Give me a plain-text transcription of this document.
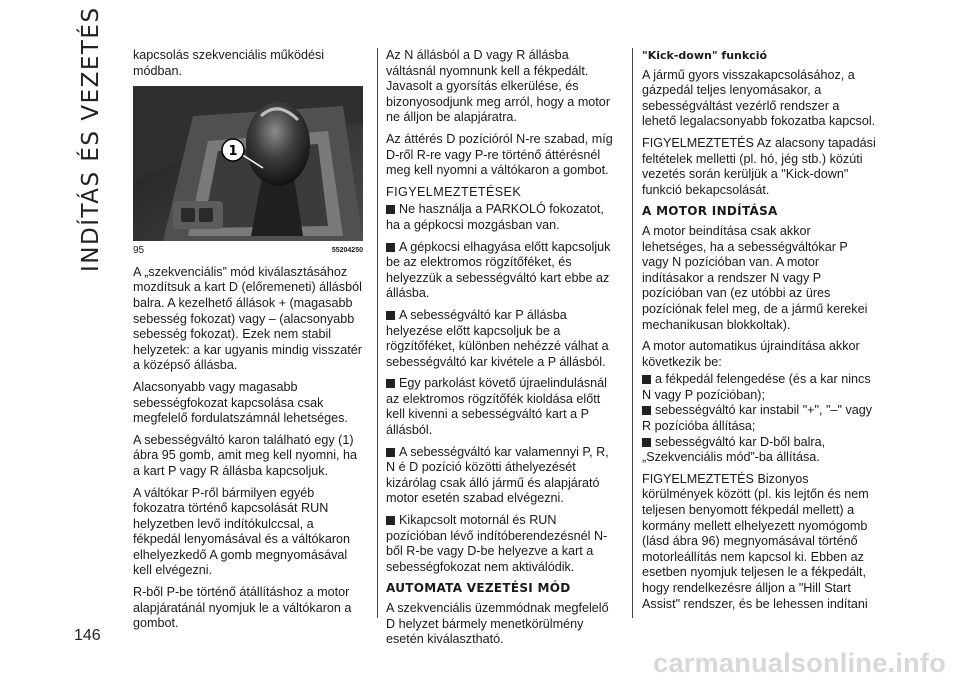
INDÍTÁS ÉS VEZETÉS
146

kapcsolás szekvenciális működési módban.

1
95	55204250

A „szekvenciális” mód kiválasztásához mozdítsuk a kart D (előremeneti) állásból balra. A kezelhető állások + (magasabb sebesség fokozat) vagy – (alacsonyabb sebesség fokozat). Ezek nem stabil helyzetek: a kar ugyanis mindig visszatér a középső állásba.

Alacsonyabb vagy magasabb sebességfokozat kapcsolása csak megfelelő fordulatszámnál lehetséges.

A sebességváltó karon található egy (1) ábra 95 gomb, amit meg kell nyomni, ha a kart P vagy R állásba kapcsoljuk.

A váltókar P-ről bármilyen egyéb fokozatra történő kapcsolását RUN helyzetben levő indítókulccsal, a fékpedál lenyomásával és a váltókaron elhelyezkedő A gomb megnyomásával kell elvégezni.

R-ből P-be történő átállításhoz a motor alapjáratánál nyomjuk le a váltókaron a gombot.

Az N állásból a D vagy R állásba váltásnál nyomnunk kell a fékpedált. Javasolt a gyorsítás elkerülése, és bizonyosodjunk meg arról, hogy a motor ne álljon be alapjáratra.

Az áttérés D pozícióról N-re szabad, míg D-ről R-re vagy P-re történő áttérésnél meg kell nyomni a váltókaron a gombot.

FIGYELMEZTETÉSEK
Ne használja a PARKOLÓ fokozatot, ha a gépkocsi mozgásban van.
A gépkocsi elhagyása előtt kapcsoljuk be az elektromos rögzítőféket, és helyezzük a sebességváltó kart ebbe az állásba.
A sebességváltó kar P állásba helyezése előtt kapcsoljuk be a rögzítőféket, különben nehézzé válhat a sebességváltó kar kivétele a P állásból.
Egy parkolást követő újraelindulásnál az elektromos rögzítőfék kioldása előtt kell kivenni a sebességváltó kart a P állásból.
A sebességváltó kar valamennyi P, R, N é D pozíció közötti áthelyezését kizárólag csak álló jármű és alapjárató motor esetén szabad elvégezni.
Kikapcsolt motornál és RUN pozícióban lévő indítóberendezésnél N-ből R-be vagy D-be helyezve a kart a sebességfokozat nem aktiválódik.
AUTOMATA VEZETÉSI MÓD

A szekvenciális üzemmódnak megfelelő D helyzet bármely menetkörülmény esetén kiválasztható.

"Kick-down" funkció

A jármű gyors visszakapcsolásához, a gázpedál teljes lenyomásakor, a sebességváltást vezérlő rendszer a lehető legalacsonyabb fokozatba kapcsol.

FIGYELMEZTETÉS Az alacsony tapadási feltételek melletti (pl. hó, jég stb.) közúti vezetés során kerüljük a "Kick-down" funkció bekapcsolását.

A MOTOR INDÍTÁSA

A motor beindítása csak akkor lehetséges, ha a sebességváltókar P vagy N pozícióban van. A motor indításakor a rendszer N vagy P pozícióban van (ez utóbbi az üres pozíciónak felel meg, de a jármű kerekei mechanikusan blokkoltak).

A motor automatikus újraindítása akkor következik be:

a fékpedál felengedése (és a kar nincs N vagy P pozícióban);
sebességváltó kar instabil "+", "–" vagy R pozícióba állítása;
sebességváltó kar D-ből balra, „Szekvenciális mód”-ba állítása.

FIGYELMEZTETÉS Bizonyos körülmények között (pl. kis lejtőn és nem teljesen benyomott fékpedál mellett) a kormány mellett elhelyezett nyomógomb (lásd ábra 96) megnyomásával történő motorleállítás nem kapcsol ki. Ebben az esetben nyomjuk teljesen le a fékpedált, hogy rendelkezésre álljon a "Hill Start Assist" rendszer, és be lehessen indítani

carmanualsonline.info
